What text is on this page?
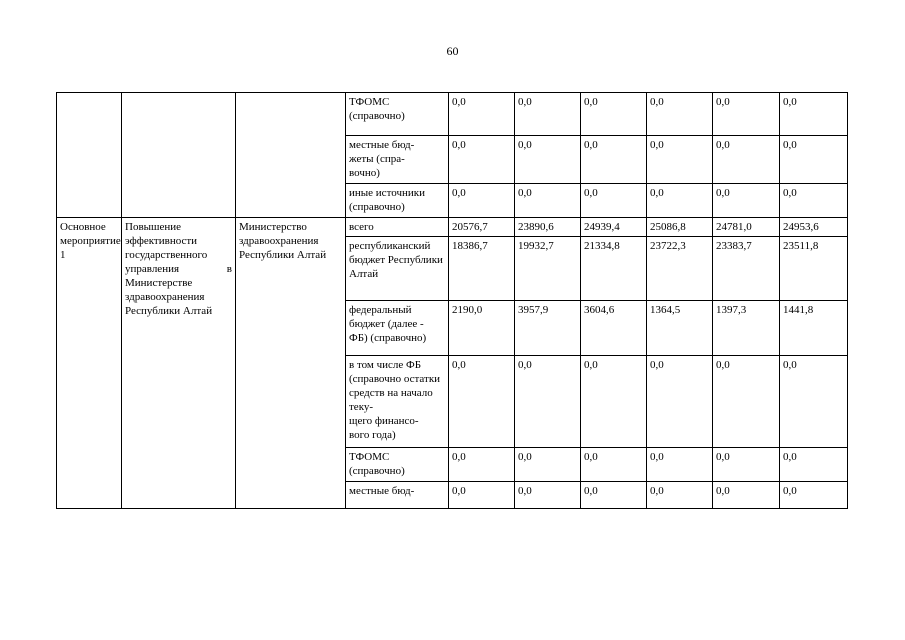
60
			ТФОМС (справочно)	0,0	0,0	0,0	0,0	0,0	0,0
			местные бюд-
жеты (спра-
вочно)	0,0	0,0	0,0	0,0	0,0	0,0
			иные источники (справочно)	0,0	0,0	0,0	0,0	0,0	0,0
Основное мероприятие 1	Повышение эффективности государственного управления в Министерстве здравоохранения Республики Алтай	Министерство здравоохранения Республики Алтай	всего	20576,7	23890,6	24939,4	25086,8	24781,0	24953,6
			республиканский бюджет Республики Алтай	18386,7	19932,7	21334,8	23722,3	23383,7	23511,8
			федеральный бюджет (далее - ФБ) (справочно)	2190,0	3957,9	3604,6	1364,5	1397,3	1441,8
			в том числе ФБ (справочно остатки средств на начало теку-
щего финансо-
вого года)	0,0	0,0	0,0	0,0	0,0	0,0
			ТФОМС (справочно)	0,0	0,0	0,0	0,0	0,0	0,0
			местные бюд-	0,0	0,0	0,0	0,0	0,0	0,0
